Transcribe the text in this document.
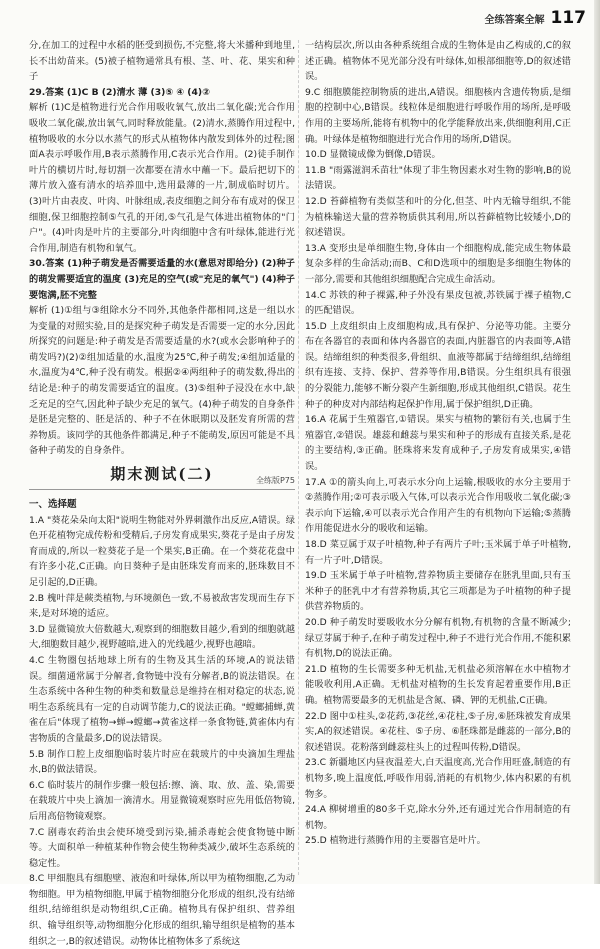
全练答案全解 117

分,在加工的过程中水稻的胚受到损伤,不完整,将大米播种到地里,长不出幼苗来。(5)被子植物通常具有根、茎、叶、花、果实和种子

29.答案 (1)C B (2)清水 薄 (3)⑤ ④ (4)②

解析 (1)C是植物进行光合作用吸收氧气,放出二氧化碳;光合作用吸收二氧化碳,放出氧气,同时释放能量。(2)清水,蒸腾作用过程中,植物吸收的水分以水蒸气的形式从植物体内散发到体外的过程;图面A表示呼吸作用,B表示蒸腾作用,C表示光合作用。(2)徒手制作叶片的横切片时,每切割一次都要在清水中蘸一下。最后把切下的薄片放入盛有清水的培养皿中,选用最薄的一片,制成临时切片。(3)叶片由表皮、叶肉、叶脉组成,表皮细胞之间分布有成对的保卫细胞,保卫细胞控制⑤气孔的开闭,⑤气孔是气体进出植物体的"门户"。(4)叶肉是叶片的主要部分,叶肉细胞中含有叶绿体,能进行光合作用,制造有机物和氧气。

30.答案 (1)种子萌发是否需要适量的水(意思对即给分) (2)种子的萌发需要适宜的温度 (3)充足的空气(或"充足的氧气") (4)种子要饱满,胚不完整

解析 (1)①组与③组除水分不同外,其他条件都相同,这是一组以水为变量的对照实验,目的是探究种子萌发是否需要一定的水分,因此所探究的问题是:种子萌发是否需要适量的水?(或水会影响种子的萌发吗?)(2)②组加适量的水,温度为25℃,种子萌发;④组加适量的水,温度为4℃,种子没有萌发。根据②④两组种子的萌发数,得出的结论是:种子的萌发需要适宜的温度。(3)⑤组种子浸没在水中,缺乏充足的空气,因此种子缺少充足的氧气。(4)种子萌发的自身条件是胚是完整的、胚是活的、种子不在休眠期以及胚发育所需的营养物质。该同学的其他条件都满足,种子不能萌发,原因可能是不具备种子萌发的自身条件。

期末测试(二)	全练版P75

一、选择题

1.A "葵花朵朵向太阳"说明生物能对外界刺激作出反应,A错误。绿色开花植物完成传粉和受精后,子房发育成果实,葵花子是由子房发育而成的,所以一粒葵花子是一个果实,B正确。在一个葵花花盘中有许多小花,C正确。向日葵种子是由胚珠发育而来的,胚珠数目不足引起的,D正确。

2.B 槐叶萍是蕨类植物,与环境颜色一致,不易被敌害发现而生存下来,是对环境的适应。

3.D 显微镜放大倍数越大,观察到的细胞数目越少,看到的细胞就越大,细胞数目越少,视野越暗,进入的光线越少,视野也越暗。

4.C 生物圈包括地球上所有的生物及其生活的环境,A的说法错误。细菌通常属于分解者,食物链中没有分解者,B的说法错误。在生态系统中各种生物的种类和数量总是维持在相对稳定的状态,说明生态系统具有一定的自动调节能力,C的说法正确。"螳螂捕蝉,黄雀在后"体现了植物→蝉→螳螂→黄雀这样一条食物链,黄雀体内有害物质的含量最多,D的说法错误。

5.B 制作口腔上皮细胞临时装片时应在载玻片的中央滴加生理盐水,B的做法错误。

6.C 临时装片的制作步骤一般包括:擦、滴、取、放、盖、染,需要在载玻片中央上滴加一滴清水。用显微镜观察时应先用低倍物镜,后用高倍物镜观察。

7.C 剧毒农药治虫会使环境受到污染,捕杀毒蛇会使食物链中断等。大面积单一种植某种作物会使生物种类减少,破坏生态系统的稳定性。

8.C 甲细胞具有细胞壁、液泡和叶绿体,所以甲为植物细胞,乙为动物细胞。甲为植物细胞,甲属于植物细胞分化形成的组织,没有结缔组织,结缔组织是动物组织,C正确。植物具有保护组织、营养组织、输导组织等,动物细胞分化形成的组织,输导组织是植物的基本组织之一,B的叙述错误。动物体比植物体多了系统这

一结构层次,所以由各种系统组合成的生物体是由乙构成的,C的叙述正确。植物体不见光部分没有叶绿体,如根部细胞等,D的叙述错误。

9.C 细胞膜能控制物质的进出,A错误。细胞核内含遗传物质,是细胞的控制中心,B错误。线粒体是细胞进行呼吸作用的场所,是呼吸作用的主要场所,能将有机物中的化学能释放出来,供细胞利用,C正确。叶绿体是植物细胞进行光合作用的场所,D错误。

10.D 显微镜成像为倒像,D错误。

11.B "雨露滋润禾苗壮"体现了非生物因素水对生物的影响,B的说法错误。

12.D 苔藓植物有类似茎和叶的分化,但茎、叶内无输导组织,不能为植株输送大量的营养物质供其利用,所以苔藓植物比较矮小,D的叙述错误。

13.A 变形虫是单细胞生物,身体由一个细胞构成,能完成生物体最复杂多样的生命活动;而B、C和D选项中的细胞是多细胞生物体的一部分,需要和其他组织细胞配合完成生命活动。

14.C 苏铁的种子裸露,种子外没有果皮包被,苏铁属于裸子植物,C的匹配错误。

15.D 上皮组织由上皮细胞构成,具有保护、分泌等功能。主要分布在各器官的表面和体内各器官的表面,内脏器官的内表面等,A错误。结缔组织的种类很多,骨组织、血液等都属于结缔组织,结缔组织有连接、支持、保护、营养等作用,B错误。分生组织具有很强的分裂能力,能够不断分裂产生新细胞,形成其他组织,C错误。花生种子的种皮对内部结构起保护作用,属于保护组织,D正确。

16.A 花属于生殖器官,①错误。果实与植物的繁衍有关,也属于生殖器官,②错误。雄蕊和雌蕊与果实和种子的形成有直接关系,是花的主要结构,③正确。胚珠将来发育成种子,子房发育成果实,④错误。

17.A ①的箭头向上,可表示水分向上运输,根吸收的水分主要用于②蒸腾作用;②可表示吸入气体,可以表示光合作用吸收二氧化碳;③表示向下运输,④可以表示光合作用产生的有机物向下运输;⑤蒸腾作用能促进水分的吸收和运输。

18.D 菜豆属于双子叶植物,种子有两片子叶;玉米属于单子叶植物,有一片子叶,D错误。

19.D 玉米属于单子叶植物,营养物质主要储存在胚乳里面,只有玉米种子的胚乳中才有营养物质,其它三项都是为子叶植物的种子提供营养物质的。

20.D 种子萌发时要吸收水分分解有机物,有机物的含量不断减少;绿豆芽属于种子,在种子萌发过程中,种子不进行光合作用,不能积累有机物,D的说法正确。

21.D 植物的生长需要多种无机盐,无机盐必须溶解在水中植物才能吸收利用,A正确。无机盐对植物的生长发育起着重要作用,B正确。植物需要最多的无机盐是含氮、磷、钾的无机盐,C正确。

22.D 图中①柱头,②花药,③花丝,④花柱,⑤子房,⑥胚珠被发育成果实,A的叙述错误。④花柱、⑤子房、⑥胚珠都是雌蕊的一部分,B的叙述错误。花粉落到雌蕊柱头上的过程叫传粉,D错误。

23.C 新疆地区内昼夜温差大,白天温度高,光合作用旺盛,制造的有机物多,晚上温度低,呼吸作用弱,消耗的有机物少,体内积累的有机物多。

24.A 柳树增重的80多千克,除水分外,还有通过光合作用制造的有机物。

25.D 植物进行蒸腾作用的主要器官是叶片。
